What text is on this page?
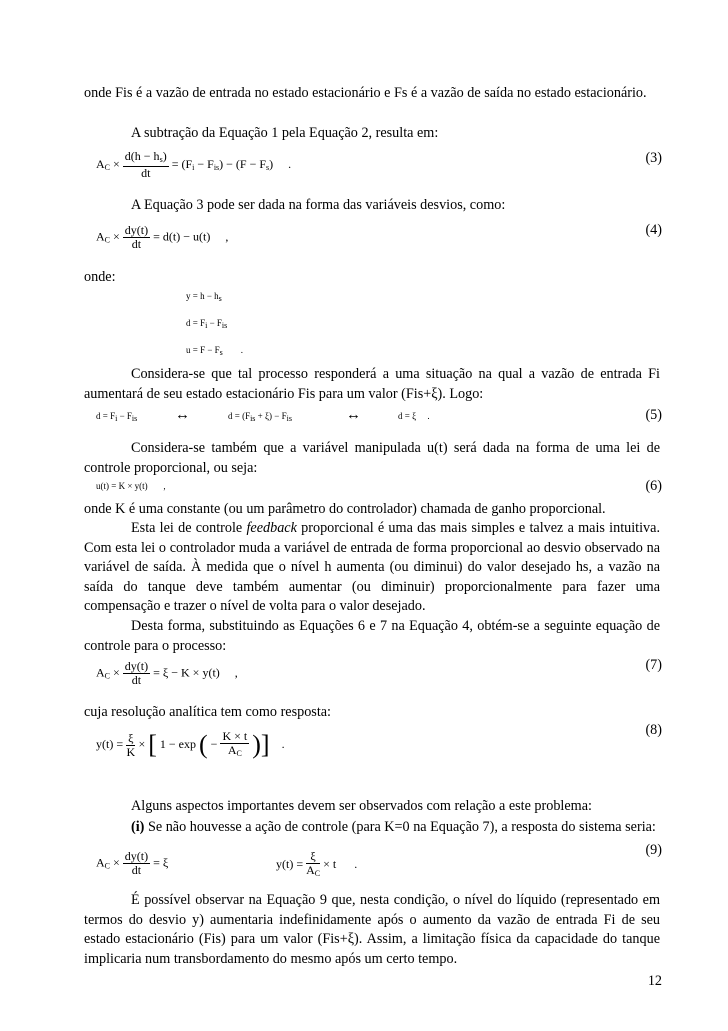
onde Fis é a vazão de entrada no estado estacionário e Fs é a vazão de saída no estado estacionário.
A subtração da Equação 1 pela Equação 2, resulta em:
$A_C \times \frac{d(h - h_s)}{dt} = (F_i - F_{is}) - (F - F_s)$     .	(3)
A Equação 3 pode ser dada na forma das variáveis desvios, como:
$A_C \times \frac{dy(t)}{dt} = d(t) - u(t)$     ,	(4)
onde:
y = h − hs
d = Fi − Fis
u = F − Fs        .
Considera-se que tal processo responderá a uma situação na qual a vazão de entrada Fi aumentará de seu estado estacionário Fis para um valor (Fis+ξ). Logo:
d = Fi − Fis	↔	d = (Fis + ξ) − Fis	↔	d = ξ     .	(5)
Considera-se também que a variável manipulada u(t) será dada na forma de uma lei de controle proporcional, ou seja:
u(t) = K × y(t)       ,	(6)
onde K é uma constante (ou um parâmetro do controlador) chamada de ganho proporcional.
Esta lei de controle feedback proporcional é uma das mais simples e talvez a mais intuitiva. Com esta lei o controlador muda a variável de entrada de forma proporcional ao desvio observado na variável de saída. À medida que o nível h aumenta (ou diminui) do valor desejado hs, a vazão na saída do tanque deve também aumentar (ou diminuir) proporcionalmente para fazer uma compensação e trazer o nível de volta para o valor desejado.
Desta forma, substituindo as Equações 6 e 7 na Equação 4, obtém-se a seguinte equação de controle para o processo:
$A_C \times \frac{dy(t)}{dt} = \xi - K \times y(t)$     ,	(7)
cuja resolução analítica tem como resposta:
$y(t) = \frac{\xi}{K}$ × [ 1 − exp ( − $\frac{K \times t}{A_C}$ )]    .
(8)
Alguns aspectos importantes devem ser observados com relação a este problema:
(i) Se não houvesse a ação de controle (para K=0 na Equação 7), a resposta do sistema seria:
$A_C \times \frac{dy(t)}{dt} = \xi$	$y(t) = \frac{\xi}{A_C} \times t$      .
(9)
É possível observar na Equação 9 que, nesta condição, o nível do líquido (representado em termos do desvio y) aumentaria indefinidamente após o aumento da vazão de entrada Fi de seu estado estacionário (Fis) para um valor (Fis+ξ). Assim, a limitação física da capacidade do tanque implicaria num transbordamento do mesmo após um certo tempo.
12
